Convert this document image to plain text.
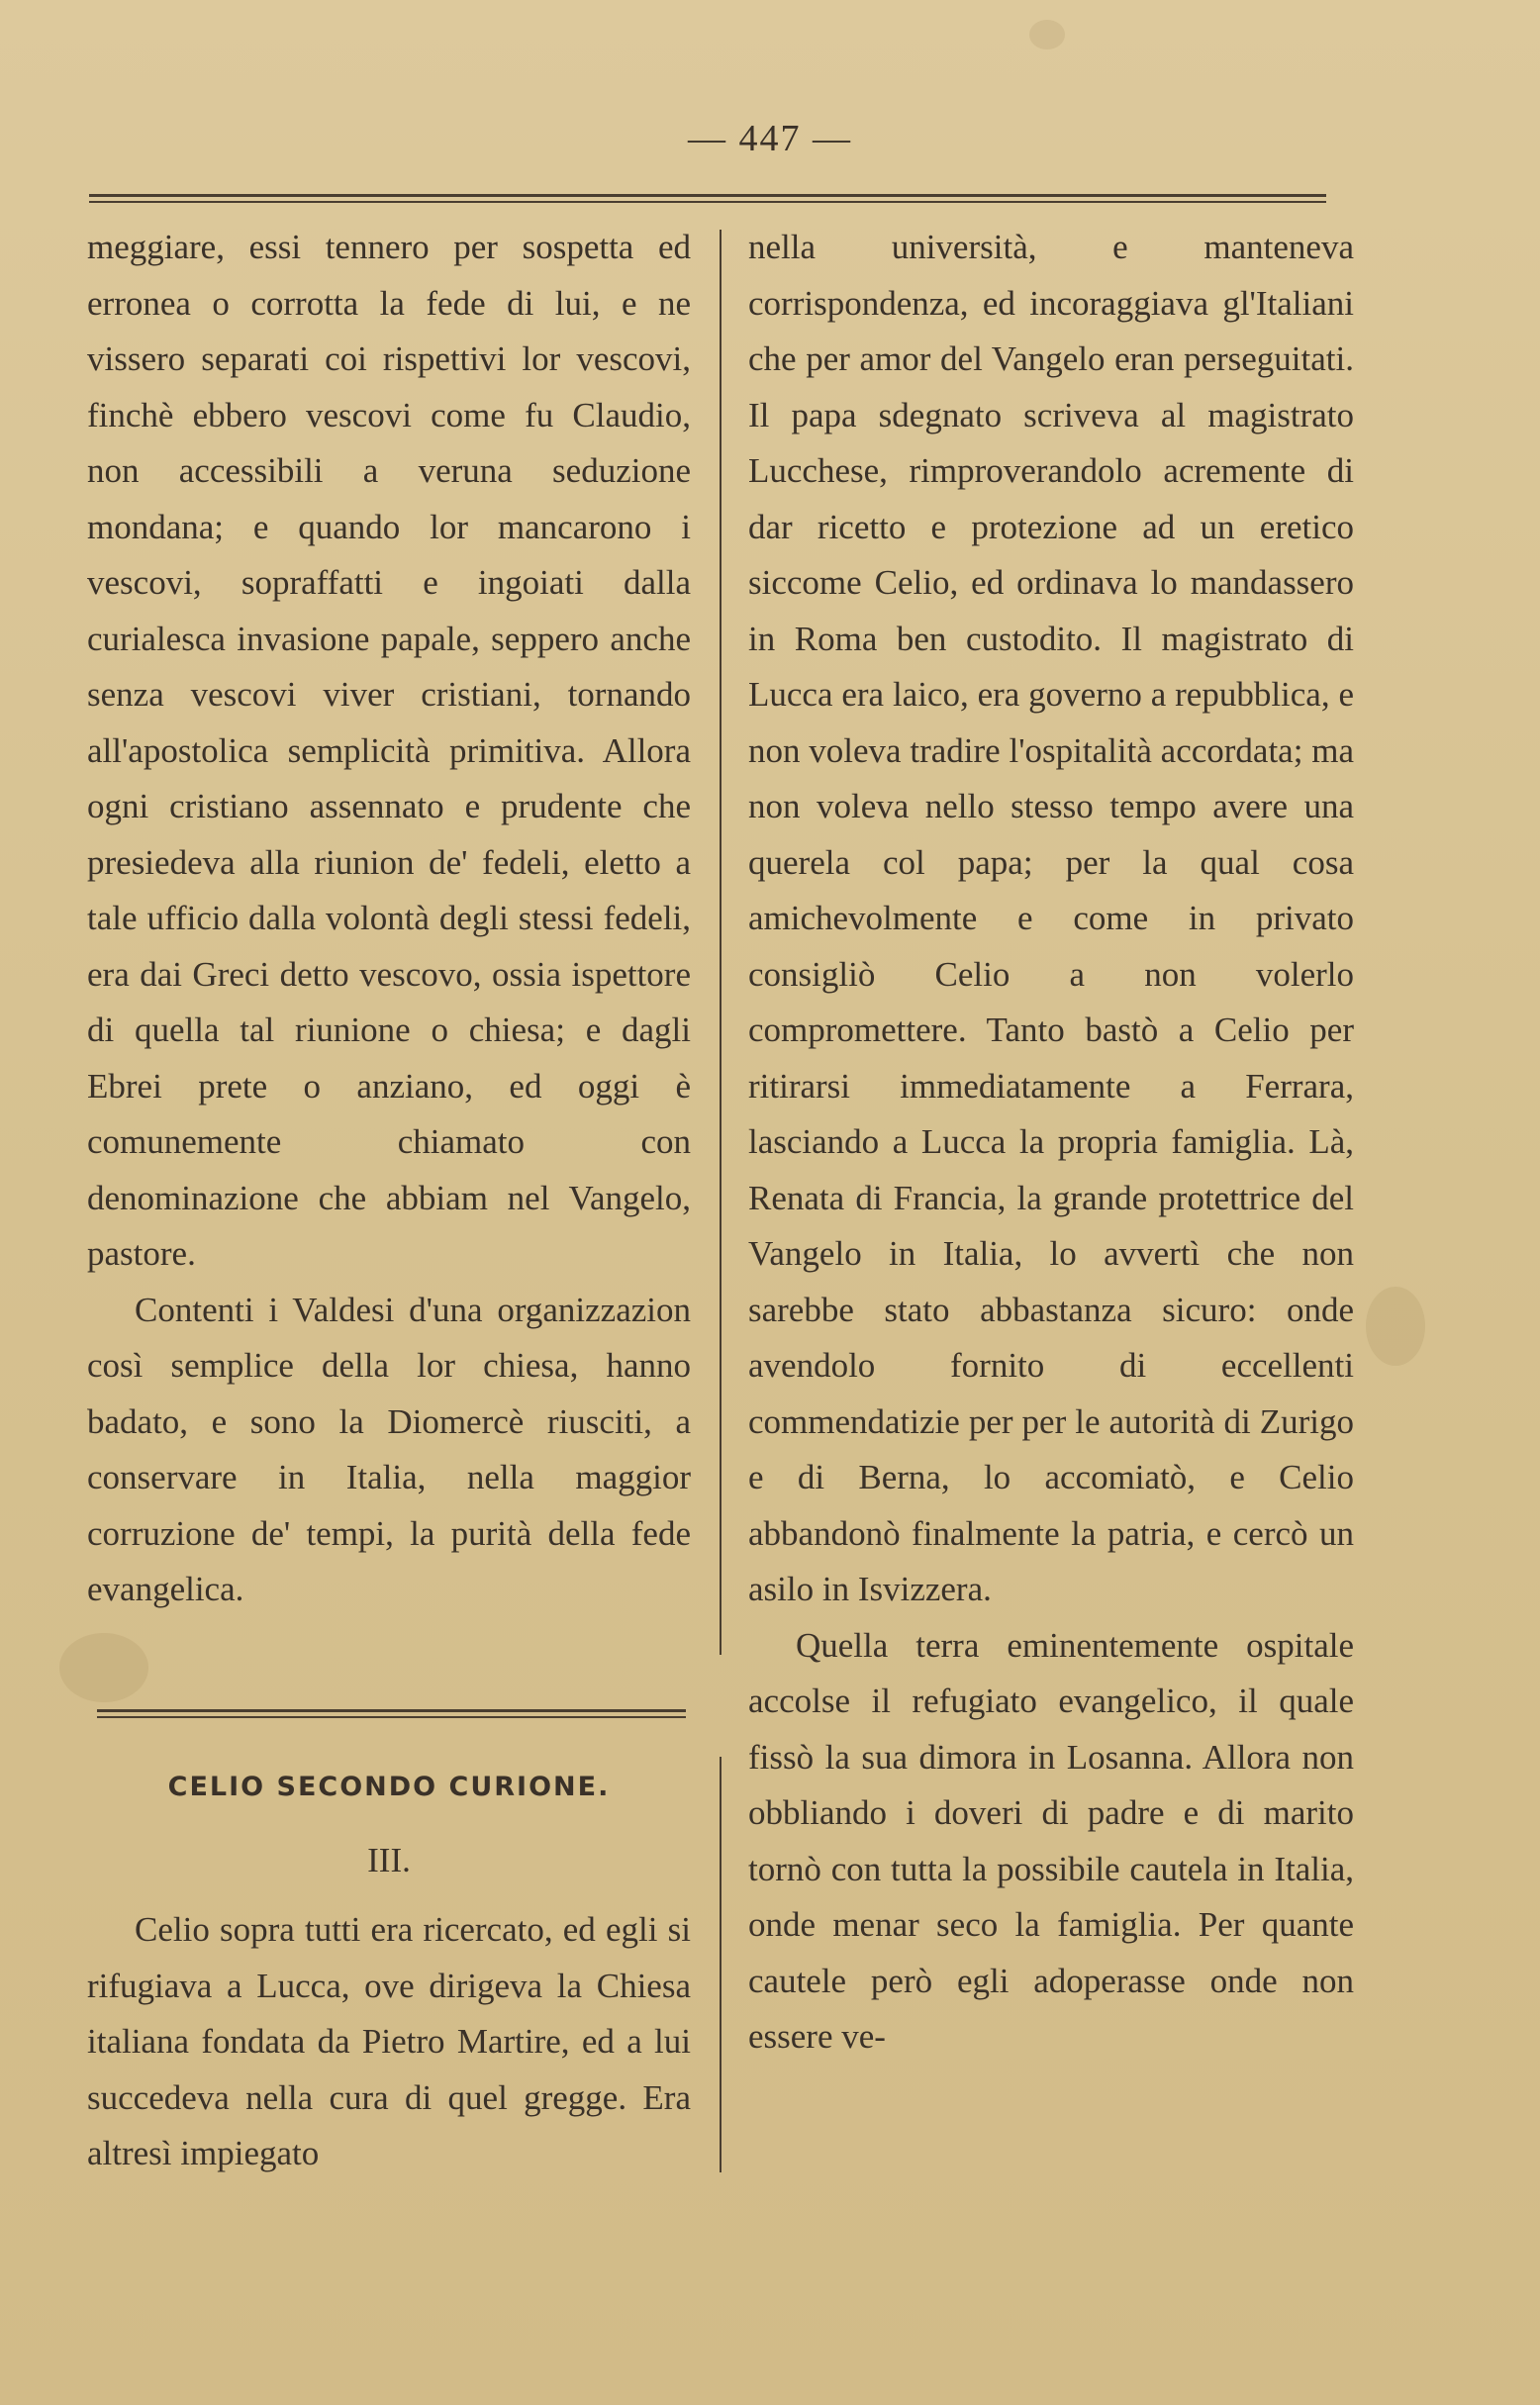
— 447 —

meggiare, essi tennero per sospetta ed erronea o corrotta la fede di lui, e ne vissero separati coi rispettivi lor vescovi, finchè ebbero vescovi come fu Claudio, non accessibili a veruna seduzione mondana; e quando lor mancarono i vescovi, sopraffatti e ingoiati dalla curialesca invasione papale, seppero anche senza vescovi viver cristiani, tornando all'apostolica semplicità primitiva. Allora ogni cristiano assennato e prudente che presiedeva alla riunion de' fedeli, eletto a tale ufficio dalla volontà degli stessi fedeli, era dai Greci detto vescovo, ossia ispettore di quella tal riunione o chiesa; e dagli Ebrei prete o anziano, ed oggi è comunemente chiamato con denominazione che abbiam nel Vangelo, pastore.

Contenti i Valdesi d'una organizzazion così semplice della lor chiesa, hanno badato, e sono la Diomercè riusciti, a conservare in Italia, nella maggior corruzione de' tempi, la purità della fede evangelica.

CELIO SECONDO CURIONE.
III.

Celio sopra tutti era ricercato, ed egli si rifugiava a Lucca, ove dirigeva la Chiesa italiana fondata da Pietro Martire, ed a lui succedeva nella cura di quel gregge. Era altresì impiegato

nella università, e manteneva corrispondenza, ed incoraggiava gl'Italiani che per amor del Vangelo eran perseguitati. Il papa sdegnato scriveva al magistrato Lucchese, rimproverandolo acremente di dar ricetto e protezione ad un eretico siccome Celio, ed ordinava lo mandassero in Roma ben custodito. Il magistrato di Lucca era laico, era governo a repubblica, e non voleva tradire l'ospitalità accordata; ma non voleva nello stesso tempo avere una querela col papa; per la qual cosa amichevolmente e come in privato consigliò Celio a non volerlo compromettere. Tanto bastò a Celio per ritirarsi immediatamente a Ferrara, lasciando a Lucca la propria famiglia. Là, Renata di Francia, la grande protettrice del Vangelo in Italia, lo avvertì che non sarebbe stato abbastanza sicuro: onde avendolo fornito di eccellenti commendatizie per per le autorità di Zurigo e di Berna, lo accomiatò, e Celio abbandonò finalmente la patria, e cercò un asilo in Isvizzera.

Quella terra eminentemente ospitale accolse il refugiato evangelico, il quale fissò la sua dimora in Losanna. Allora non obbliando i doveri di padre e di marito tornò con tutta la possibile cautela in Italia, onde menar seco la famiglia. Per quante cautele però egli adoperasse onde non essere ve-
